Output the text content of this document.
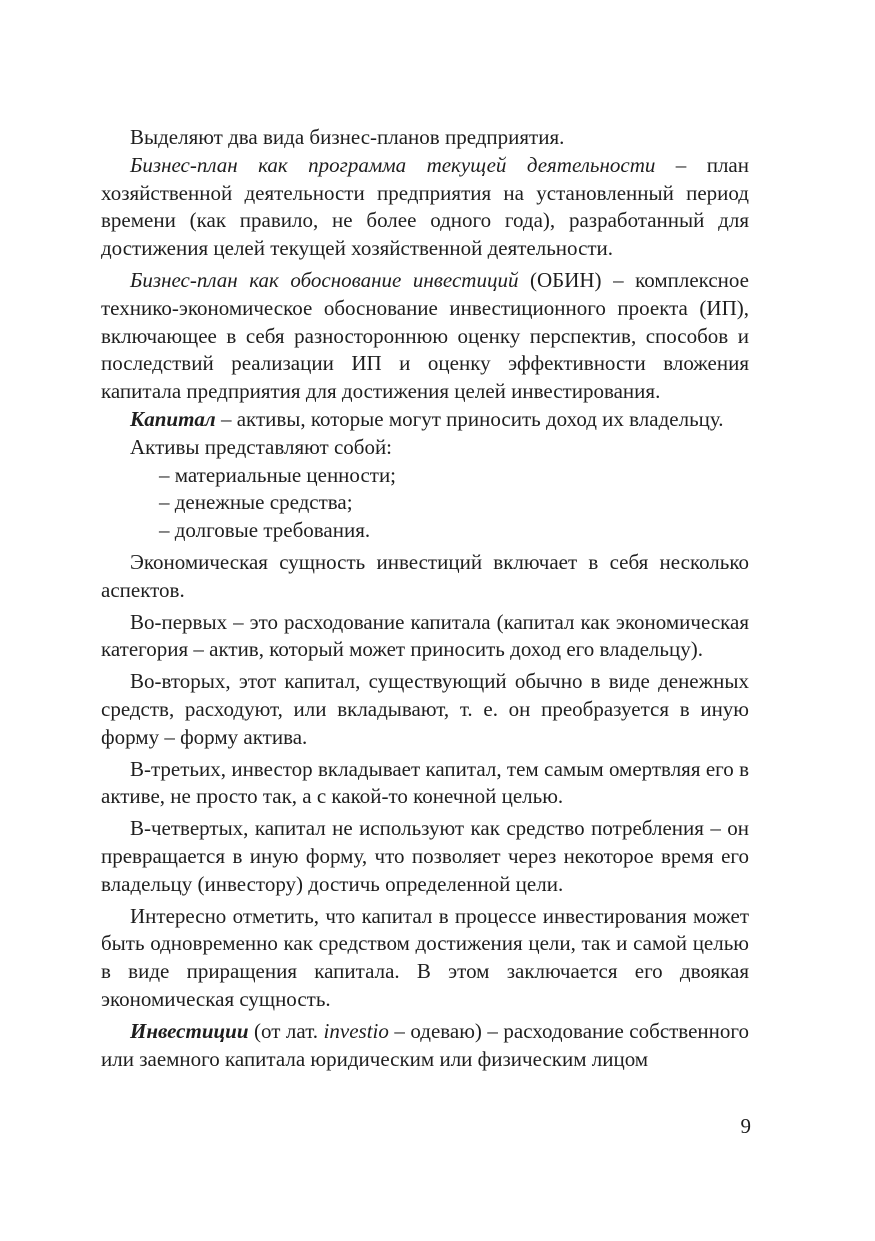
Выделяют два вида бизнес-планов предприятия.

Бизнес-план как программа текущей деятельности – план хозяйственной деятельности предприятия на установленный период времени (как правило, не более одного года), разработанный для достижения целей текущей хозяйственной деятельности.

Бизнес-план как обоснование инвестиций (ОБИН) – комплексное технико-экономическое обоснование инвестиционного проекта (ИП), включающее в себя разностороннюю оценку перспектив, способов и последствий реализации ИП и оценку эффективности вложения капитала предприятия для достижения целей инвестирования.

Капитал – активы, которые могут приносить доход их владельцу.

Активы представляют собой:

– материальные ценности;
– денежные средства;
– долговые требования.

Экономическая сущность инвестиций включает в себя несколько аспектов.

Во-первых – это расходование капитала (капитал как экономическая категория – актив, который может приносить доход его владельцу).

Во-вторых, этот капитал, существующий обычно в виде денежных средств, расходуют, или вкладывают, т. е. он преобразуется в иную форму – форму актива.

В-третьих, инвестор вкладывает капитал, тем самым омертвляя его в активе, не просто так, а с какой-то конечной целью.

В-четвертых, капитал не используют как средство потребления – он превращается в иную форму, что позволяет через некоторое время его владельцу (инвестору) достичь определенной цели.

Интересно отметить, что капитал в процессе инвестирования может быть одновременно как средством достижения цели, так и самой целью в виде приращения капитала. В этом заключается его двоякая экономическая сущность.

Инвестиции (от лат. investio – одеваю) – расходование собственного или заемного капитала юридическим или физическим лицом

9
